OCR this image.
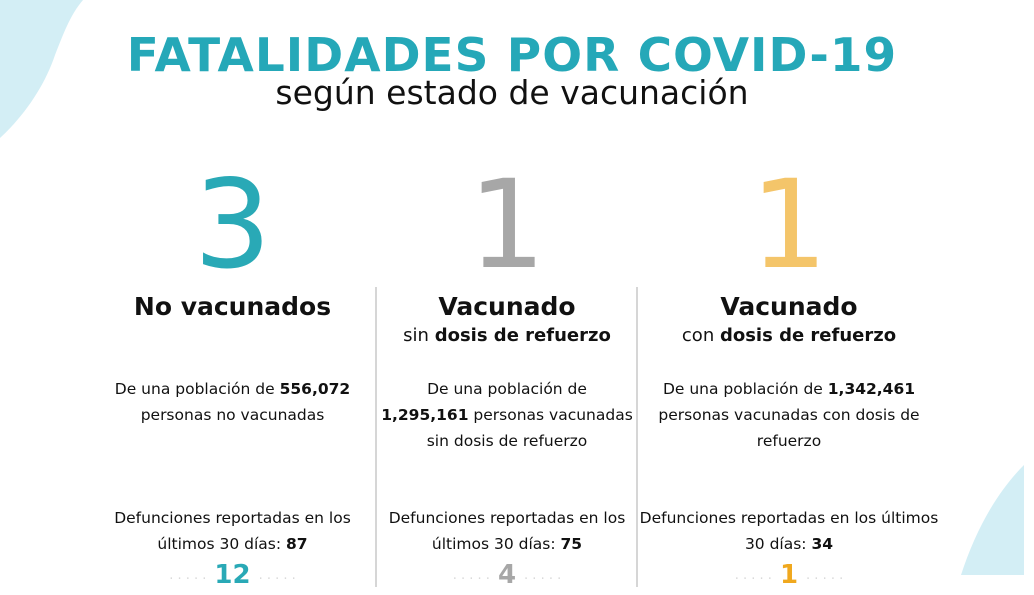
FATALIDADES POR COVID-19
según estado de vacunación
3
No vacunados
De una población de 556,072
personas no vacunadas
Defunciones reportadas en los últimos 30 días: 87
· · · · · 12 · · · · ·
1
Vacunado
sin dosis de refuerzo
De una población de
1,295,161 personas vacunadas sin dosis de refuerzo
Defunciones reportadas en los últimos 30 días: 75
· · · · · 4 · · · · ·
1
Vacunado
con dosis de refuerzo
De una población de 1,342,461
personas vacunadas con dosis de refuerzo
Defunciones reportadas en los últimos 30 días: 34
· · · · · 1 · · · · ·
